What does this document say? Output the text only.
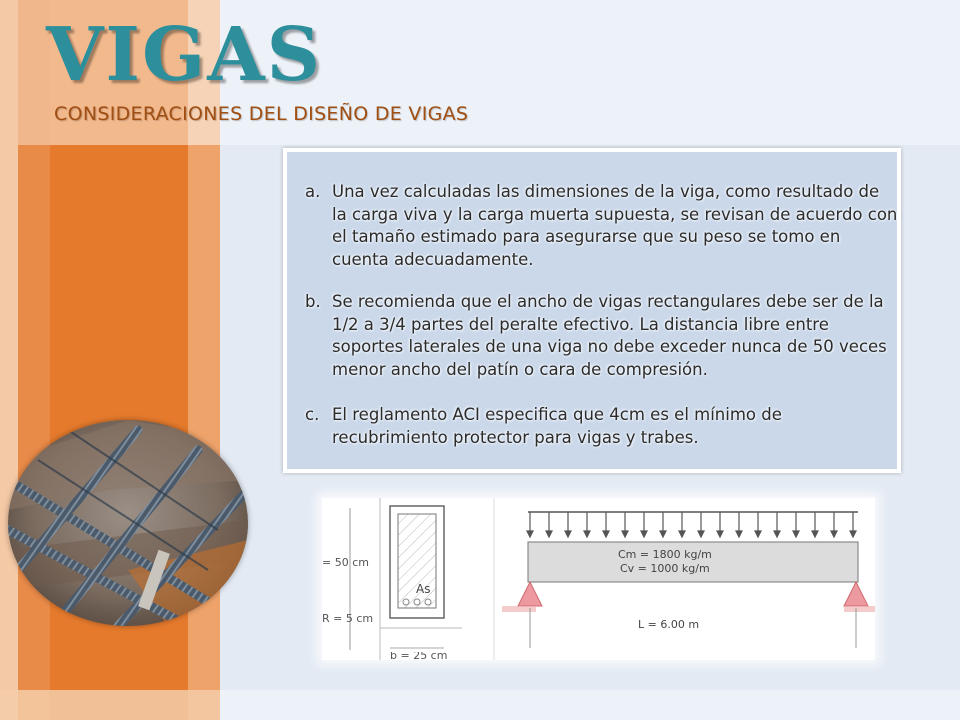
VIGAS
CONSIDERACIONES DEL DISEÑO DE VIGAS
a. Una vez calculadas las dimensiones de la viga, como resultado de la carga viva y la carga muerta supuesta, se revisan de acuerdo con el tamaño estimado para asegurarse que su peso se tomo en cuenta adecuadamente.
b. Se recomienda que el ancho de vigas rectangulares debe ser de la 1/2 a 3/4 partes del peralte efectivo. La distancia libre entre soportes laterales de una viga no debe exceder nunca de 50 veces menor ancho del patín o cara de compresión.
c. El reglamento ACI especifica que 4cm es el mínimo de recubrimiento protector para vigas y trabes.
= 50 cm
R = 5 cm
b = 25 cm
As
Cm = 1800 kg/m
Cv = 1000 kg/m
L = 6.00 m
